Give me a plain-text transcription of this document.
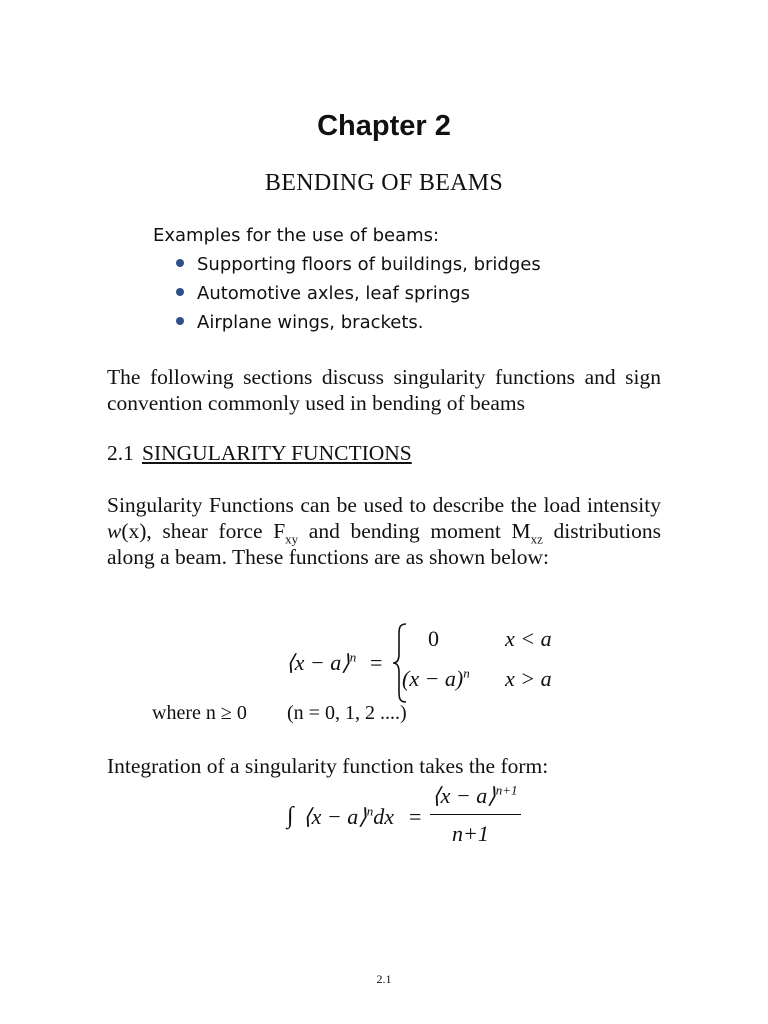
Chapter 2
BENDING OF BEAMS
Examples for the use of beams:
Supporting floors of buildings, bridges
Automotive axles, leaf springs
Airplane wings, brackets.
The following sections discuss singularity functions and sign convention commonly used in bending of beams
2.1 SINGULARITY FUNCTIONS
Singularity Functions can be used to describe the load intensity w(x), shear force $F_{xy}$ and bending moment $M_{xz}$ distributions along a beam. These functions are as shown below:
⟨x − a⟩$^n$ =
0	x < a
$(x - a)^n$ x > a
where n ≥ 0 (n = 0, 1, 2 ....)
Integration of a singularity function takes the form:
∫ ⟨x − a⟩$^n$dx =
⟨x − a⟩$^{n+1}$
n+1
2.1
